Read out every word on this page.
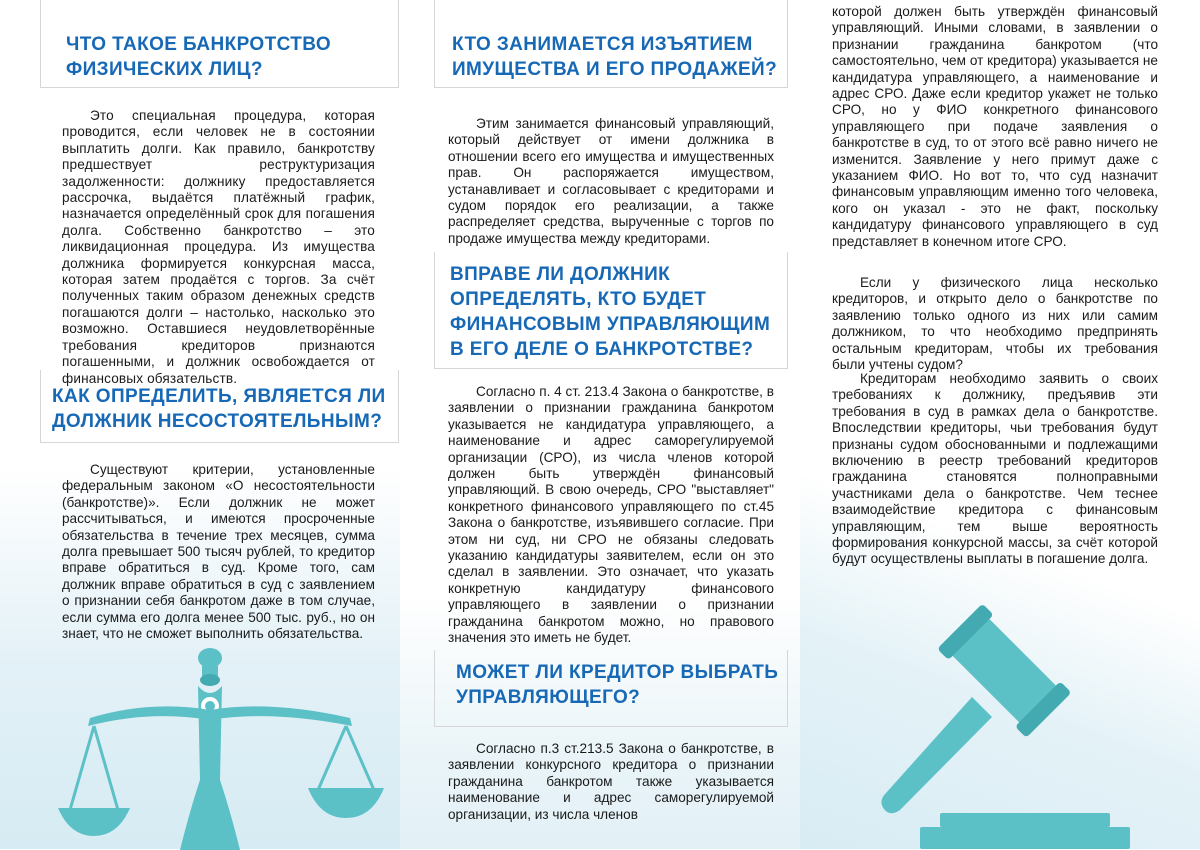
ЧТО ТАКОЕ БАНКРОТСТВО ФИЗИЧЕСКИХ ЛИЦ?
Это специальная процедура, которая проводится, если человек не в состоянии выплатить долги. Как правило, банкротству предшествует реструктуризация задолженности: должнику предоставляется рассрочка, выдаётся платёжный график, назначается определённый срок для погашения долга. Собственно банкротство – это ликвидационная процедура. Из имущества должника формируется конкурсная масса, которая затем продаётся с торгов. За счёт полученных таким образом денежных средств погашаются долги – настолько, насколько это возможно. Оставшиеся неудовлетворённые требования кредиторов признаются погашенными, и должник освобождается от финансовых обязательств.
КАК ОПРЕДЕЛИТЬ, ЯВЛЯЕТСЯ ЛИ ДОЛЖНИК НЕСОСТОЯТЕЛЬНЫМ?
Существуют критерии, установленные федеральным законом «О несостоятельности (банкротстве)». Если должник не может рассчитываться, и имеются просроченные обязательства в течение трех месяцев, сумма долга превышает 500 тысяч рублей, то кредитор вправе обратиться в суд. Кроме того, сам должник вправе обратиться в суд с заявлением о признании себя банкротом даже в том случае, если сумма его долга менее 500 тыс. руб., но он знает, что не сможет выполнить обязательства.
КТО ЗАНИМАЕТСЯ ИЗЪЯТИЕМ ИМУЩЕСТВА И ЕГО ПРОДАЖЕЙ?
Этим занимается финансовый управляющий, который действует от имени должника в отношении всего его имущества и имущественных прав. Он распоряжается имуществом, устанавливает и согласовывает с кредиторами и судом порядок его реализации, а также распределяет средства, вырученные с торгов по продаже имущества между кредиторами.
ВПРАВЕ ЛИ ДОЛЖНИК ОПРЕДЕЛЯТЬ, КТО БУДЕТ ФИНАНСОВЫМ УПРАВЛЯЮЩИМ В ЕГО ДЕЛЕ О БАНКРОТСТВЕ?
Согласно п. 4 ст. 213.4 Закона о банкротстве, в заявлении о признании гражданина банкротом указывается не кандидатура управляющего, а наименование и адрес саморегулируемой организации (СРО), из числа членов которой должен быть утверждён финансовый управляющий. В свою очередь, СРО "выставляет" конкретного финансового управляющего по ст.45 Закона о банкротстве, изъявившего согласие. При этом ни суд, ни СРО не обязаны следовать указанию кандидатуры заявителем, если он это сделал в заявлении. Это означает, что указать конкретную кандидатуру финансового управляющего в заявлении о признании гражданина банкротом можно, но правового значения это иметь не будет.
МОЖЕТ ЛИ КРЕДИТОР ВЫБРАТЬ УПРАВЛЯЮЩЕГО?
Согласно п.3 ст.213.5 Закона о банкротстве, в заявлении конкурсного кредитора о признании гражданина банкротом также указывается наименование и адрес саморегулируемой организации, из числа членов
которой должен быть утверждён финансовый управляющий. Иными словами, в заявлении о признании гражданина банкротом (что самостоятельно, чем от кредитора) указывается не кандидатура управляющего, а наименование и адрес СРО. Даже если кредитор укажет не только СРО, но у ФИО конкретного финансового управляющего при подаче заявления о банкротстве в суд, то от этого всё равно ничего не изменится. Заявление у него примут даже с указанием ФИО. Но вот то, что суд назначит финансовым управляющим именно того человека, кого он указал - это не факт, поскольку кандидатуру финансового управляющего в суд представляет в конечном итоге СРО.
Если у физического лица несколько кредиторов, и открыто дело о банкротстве по заявлению только одного из них или самим должником, то что необходимо предпринять остальным кредиторам, чтобы их требования были учтены судом?
Кредиторам необходимо заявить о своих требованиях к должнику, предъявив эти требования в суд в рамках дела о банкротстве. Впоследствии кредиторы, чьи требования будут признаны судом обоснованными и подлежащими включению в реестр требований кредиторов гражданина становятся полноправными участниками дела о банкротстве. Чем теснее взаимодействие кредитора с финансовым управляющим, тем выше вероятность формирования конкурсной массы, за счёт которой будут осуществлены выплаты в погашение долга.
